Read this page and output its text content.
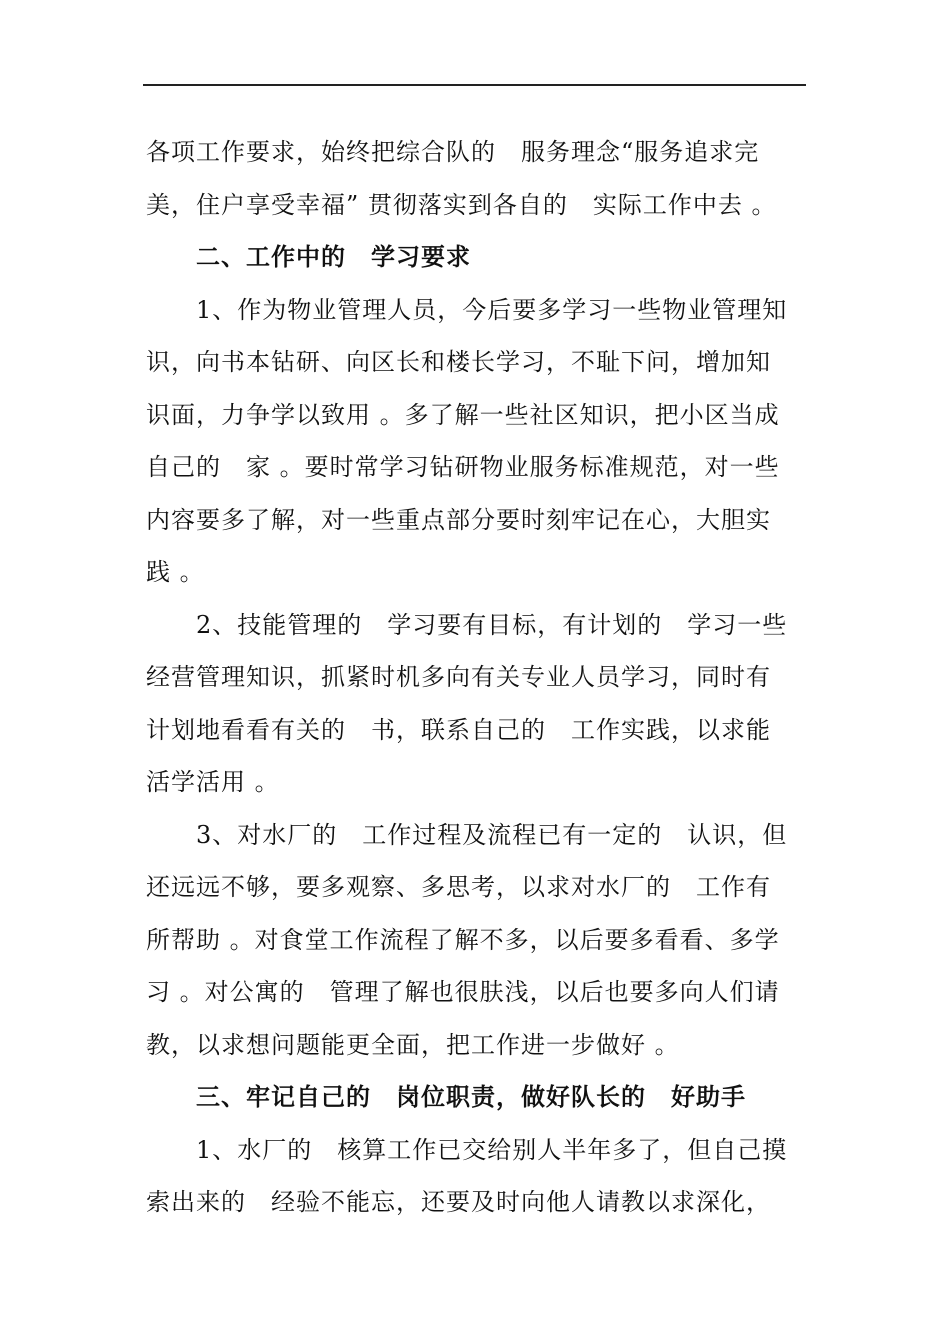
各项工作要求，始终把综合队的　服务理念“服务追求完
美，住户享受幸福” 贯彻落实到各自的　实际工作中去 。
二、工作中的　学习要求
1、作为物业管理人员，今后要多学习一些物业管理知
识，向书本钻研、向区长和楼长学习，不耻下问，增加知
识面，力争学以致用 。多了解一些社区知识，把小区当成
自己的　家 。要时常学习钻研物业服务标准规范，对一些
内容要多了解，对一些重点部分要时刻牢记在心，大胆实
践 。
2、技能管理的　学习要有目标，有计划的　学习一些
经营管理知识，抓紧时机多向有关专业人员学习，同时有
计划地看看有关的　书，联系自己的　工作实践，以求能
活学活用 。
3、对水厂的　工作过程及流程已有一定的　认识，但
还远远不够，要多观察、多思考，以求对水厂的　工作有
所帮助 。对食堂工作流程了解不多，以后要多看看、多学
习 。对公寓的　管理了解也很肤浅，以后也要多向人们请
教，以求想问题能更全面，把工作进一步做好 。
三、牢记自己的　岗位职责，做好队长的　好助手
1、水厂的　核算工作已交给别人半年多了，但自己摸
索出来的　经验不能忘，还要及时向他人请教以求深化，
